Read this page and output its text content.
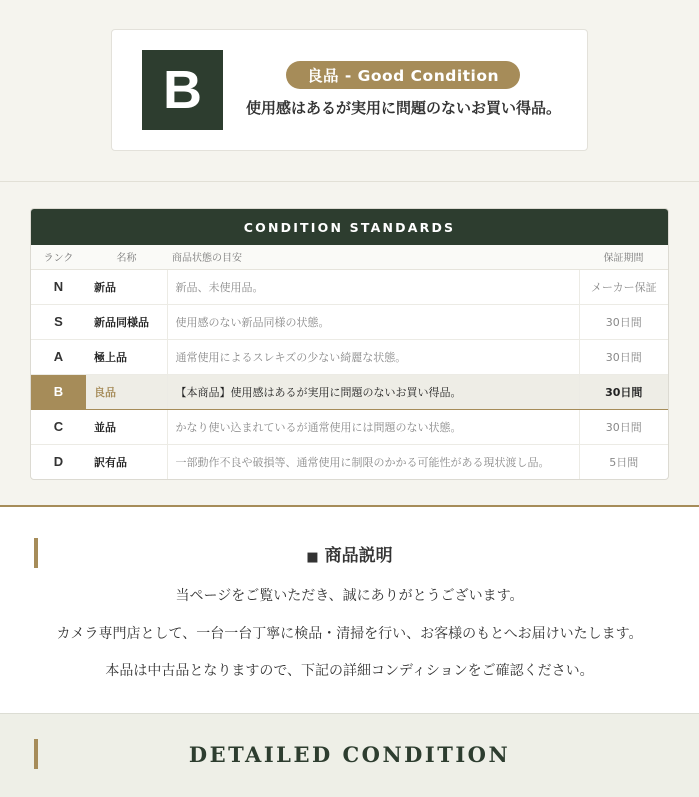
B	良品 - Good Condition
使用感はあるが実用に問題のないお買い得品。
CONDITION STANDARDS
ランク	名称	商品状態の目安	保証期間
N	新品	新品、未使用品。	メーカー保証
S	新品同様品	使用感のない新品同様の状態。	30日間
A	極上品	通常使用によるスレキズの少ない綺麗な状態。	30日間
B	良品	【本商品】使用感はあるが実用に問題のないお買い得品。	30日間
C	並品	かなり使い込まれているが通常使用には問題のない状態。	30日間
D	訳有品	一部動作不良や破損等、通常使用に制限のかかる可能性がある現状渡し品。	5日間
■ 商品説明
当ページをご覧いただき、誠にありがとうございます。
カメラ専門店として、一台一台丁寧に検品・清掃を行い、お客様のもとへお届けいたします。
本品は中古品となりますので、下記の詳細コンディションをご確認ください。
DETAILED CONDITION
